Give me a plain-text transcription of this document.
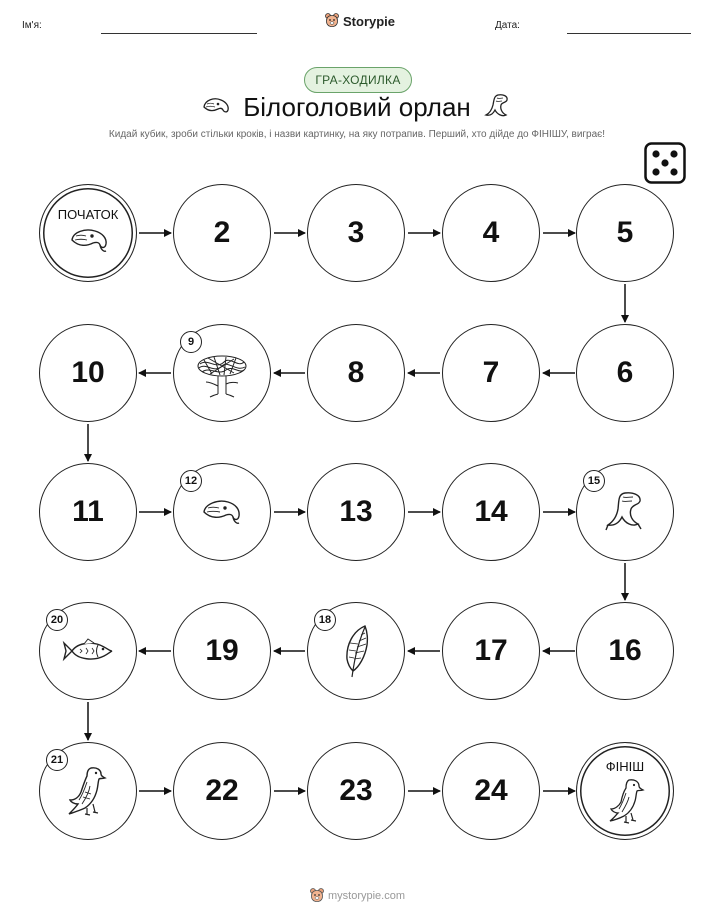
Ім'я:	Storypie	Дата:
ГРА-ХОДИЛКА
Білоголовий орлан
Кидай кубик, зроби стільки кроків, і назви картинку, на яку потрапив. Перший, хто дійде до ФІНІШУ, виграє!
ПОЧАТОК
2	3	4	5
10
9
8	7	6
11
12
13	14
15
20
19
18
17	16
21
22	23	24
ФІНІШ
mystorypie.com
